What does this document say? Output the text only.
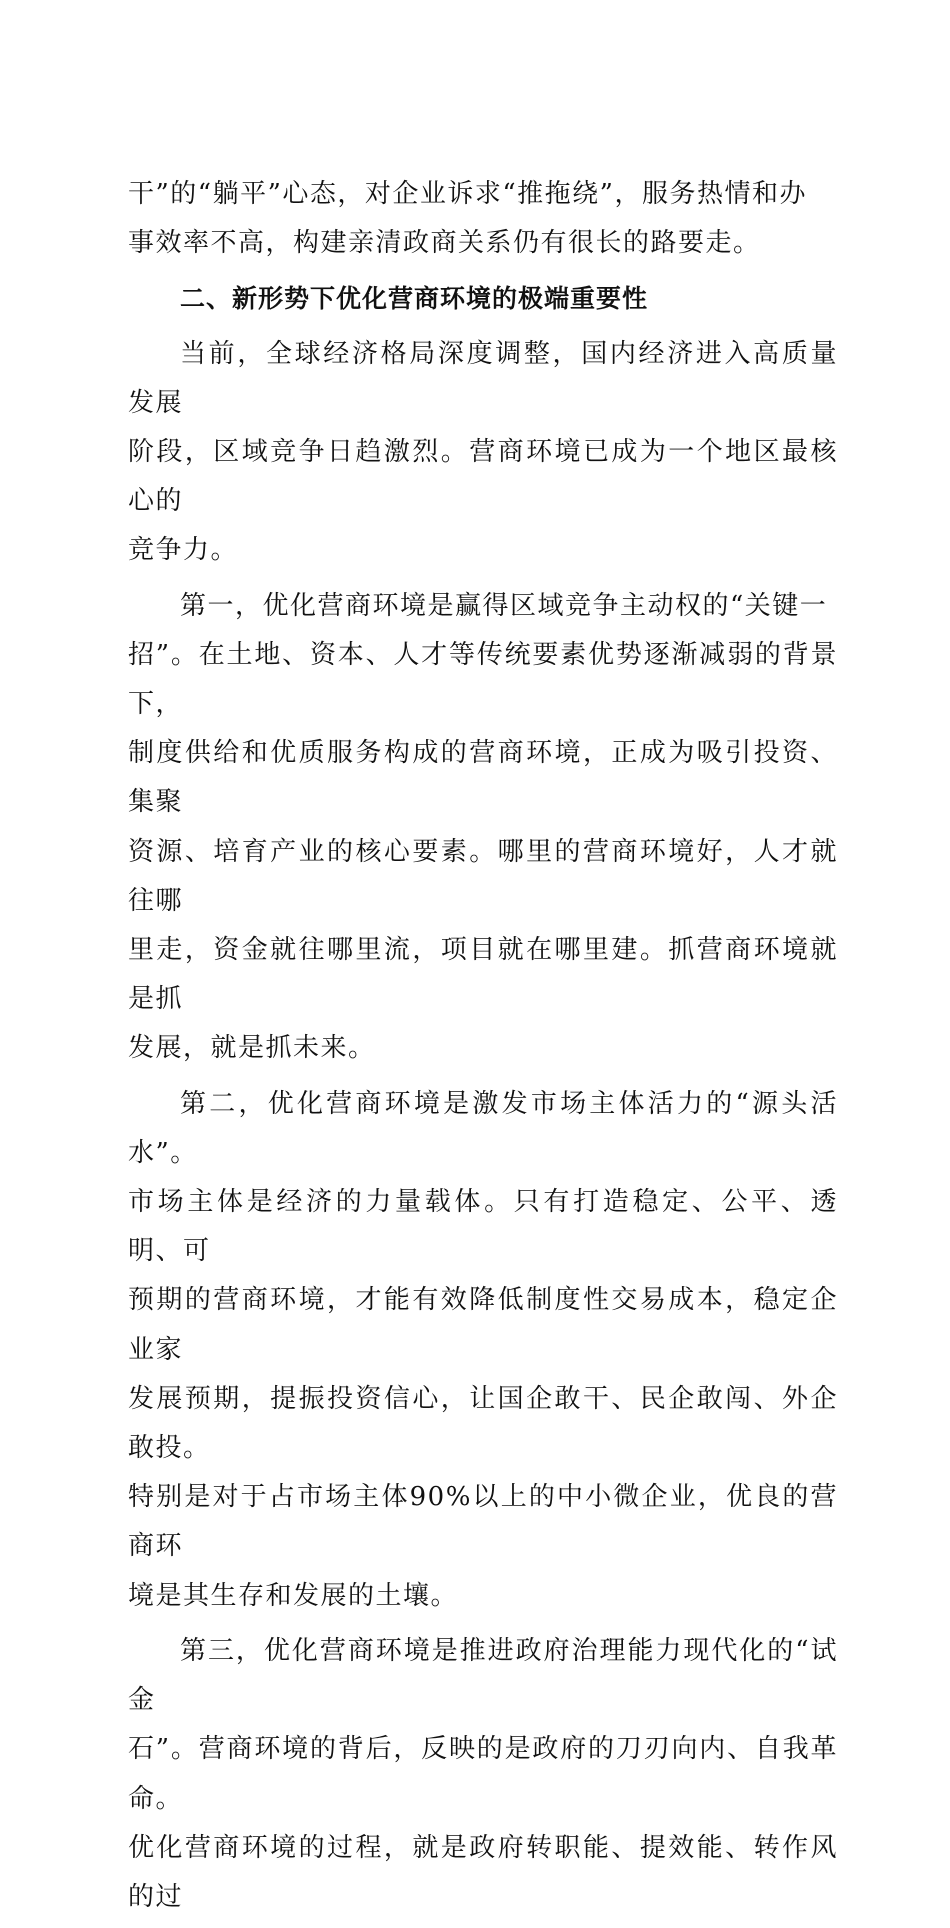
干”的“躺平”心态，对企业诉求“推拖绕”，服务热情和办
事效率不高，构建亲清政商关系仍有很长的路要走。

二、新形势下优化营商环境的极端重要性

当前，全球经济格局深度调整，国内经济进入高质量发展
阶段，区域竞争日趋激烈。营商环境已成为一个地区最核心的
竞争力。

第一，优化营商环境是赢得区域竞争主动权的“关键一
招”。在土地、资本、人才等传统要素优势逐渐减弱的背景下，
制度供给和优质服务构成的营商环境，正成为吸引投资、集聚
资源、培育产业的核心要素。哪里的营商环境好，人才就往哪
里走，资金就往哪里流，项目就在哪里建。抓营商环境就是抓
发展，就是抓未来。

第二，优化营商环境是激发市场主体活力的“源头活水”。
市场主体是经济的力量载体。只有打造稳定、公平、透明、可
预期的营商环境，才能有效降低制度性交易成本，稳定企业家
发展预期，提振投资信心，让国企敢干、民企敢闯、外企敢投。
特别是对于占市场主体90%以上的中小微企业，优良的营商环
境是其生存和发展的土壤。

第三，优化营商环境是推进政府治理能力现代化的“试金
石”。营商环境的背后，反映的是政府的刀刃向内、自我革命。
优化营商环境的过程，就是政府转职能、提效能、转作风的过
